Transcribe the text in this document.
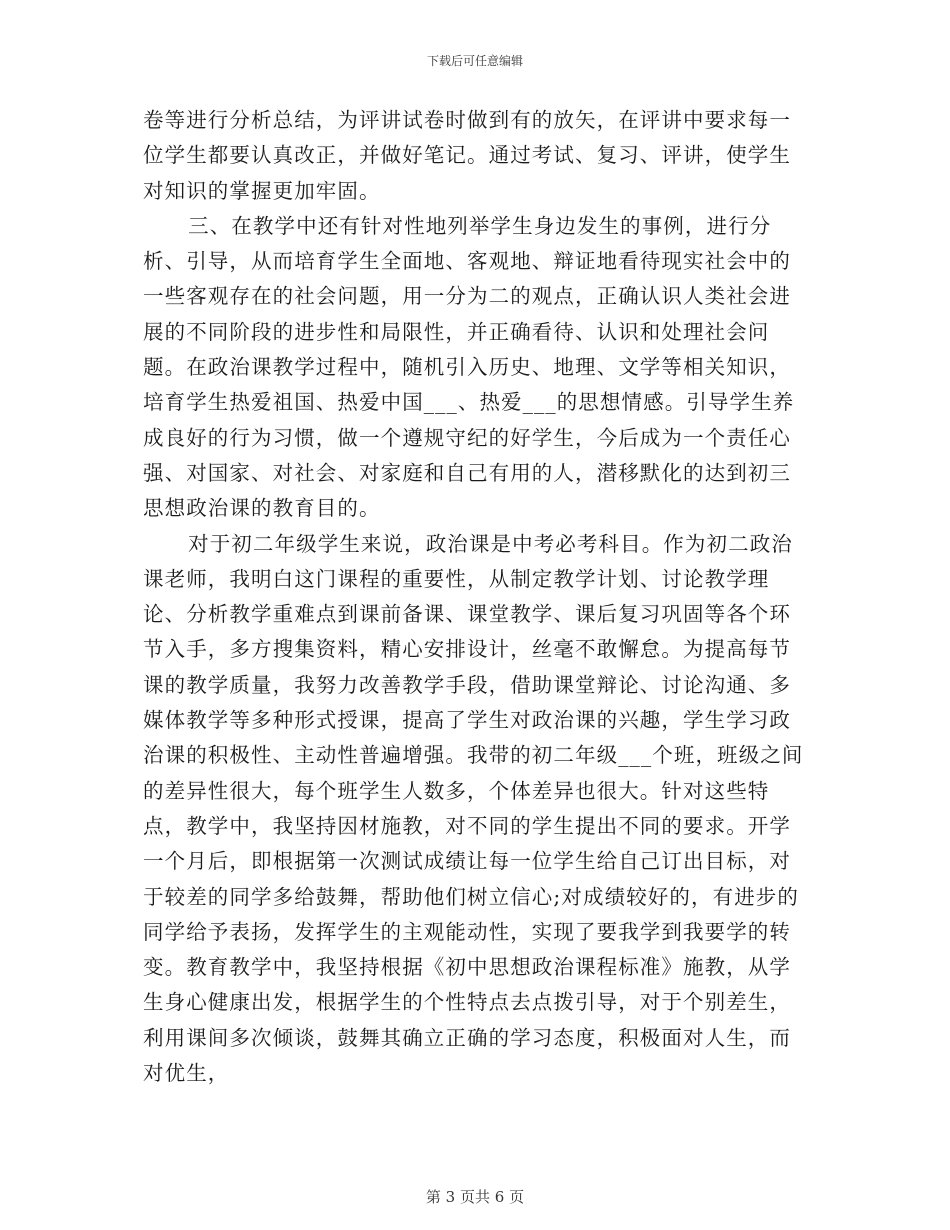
下载后可任意编辑

卷等进行分析总结，为评讲试卷时做到有的放矢，在评讲中要求每一位学生都要认真改正，并做好笔记。通过考试、复习、评讲，使学生对知识的掌握更加牢固。

三、在教学中还有针对性地列举学生身边发生的事例，进行分析、引导，从而培育学生全面地、客观地、辩证地看待现实社会中的一些客观存在的社会问题，用一分为二的观点，正确认识人类社会进展的不同阶段的进步性和局限性，并正确看待、认识和处理社会问题。在政治课教学过程中，随机引入历史、地理、文学等相关知识，培育学生热爱祖国、热爱中国___、热爱___的思想情感。引导学生养成良好的行为习惯，做一个遵规守纪的好学生，今后成为一个责任心强、对国家、对社会、对家庭和自己有用的人，潜移默化的达到初三思想政治课的教育目的。

对于初二年级学生来说，政治课是中考必考科目。作为初二政治课老师，我明白这门课程的重要性，从制定教学计划、讨论教学理论、分析教学重难点到课前备课、课堂教学、课后复习巩固等各个环节入手，多方搜集资料，精心安排设计，丝毫不敢懈怠。为提高每节课的教学质量，我努力改善教学手段，借助课堂辩论、讨论沟通、多媒体教学等多种形式授课，提高了学生对政治课的兴趣，学生学习政治课的积极性、主动性普遍增强。我带的初二年级___个班，班级之间的差异性很大，每个班学生人数多，个体差异也很大。针对这些特点，教学中，我坚持因材施教，对不同的学生提出不同的要求。开学一个月后，即根据第一次测试成绩让每一位学生给自己订出目标，对于较差的同学多给鼓舞，帮助他们树立信心;对成绩较好的，有进步的同学给予表扬，发挥学生的主观能动性，实现了要我学到我要学的转变。教育教学中，我坚持根据《初中思想政治课程标准》施教，从学生身心健康出发，根据学生的个性特点去点拨引导，对于个别差生，利用课间多次倾谈，鼓舞其确立正确的学习态度，积极面对人生，而对优生，

第 3 页共 6 页
